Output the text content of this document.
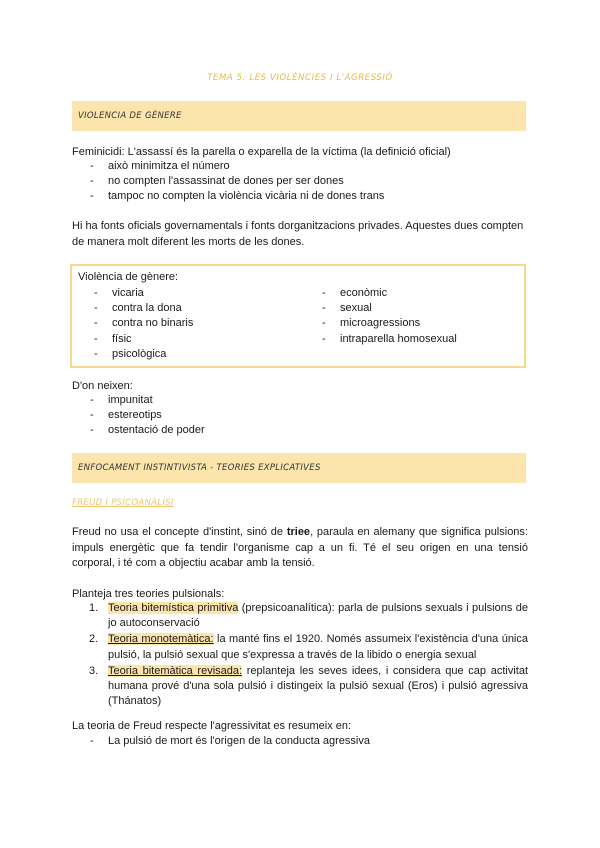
TEMA 5: LES VIOLÈNCIES I L'AGRESSIÓ
VIOLENCIA DE GÈNERE

Feminicidi: L'assassí és la parella o exparella de la víctima (la definició oficial)

- això minimitza el número
- no compten l'assassinat de dones per ser dones
- tampoc no compten la violència vicària ni de dones trans

Hi ha fonts oficials governamentals i fonts dorganitzacions privades. Aquestes dues compten de manera molt diferent les morts de les dones.

Violència de gènere:
- vicaria
- contra la dona
- contra no binaris
- físic
- psicològica
- econòmic
- sexual
- microagressions
- intraparella homosexual

D'on neixen:

- impunitat
- estereotips
- ostentació de poder
ENFOCAMENT INSTINTIVISTA - TEORIES EXPLICATIVES
FREUD I PSICOANÀLISI

Freud no usa el concepte d'instint, sinó de triee, paraula en alemany que significa pulsions: impuls energètic que fa tendir l'organisme cap a un fi. Té el seu origen en una tensió corporal, i té com a objectiu acabar amb la tensió.

Planteja tres teories pulsionals:

1. Teoria bitemística primitiva (prepsicoanalítica): parla de pulsions sexuals i pulsions de jo autoconservació
2. Teoria monotemàtica: la manté fins el 1920. Només assumeix l'existència d'una única pulsió, la pulsió sexual que s'expressa a través de la libido o energia sexual
3. Teoria bitemàtica revisada: replanteja les seves idees, i considera que cap activitat humana prové d'una sola pulsió i distingeix la pulsió sexual (Eros) i pulsió agressiva (Thánatos)

La teoria de Freud respecte l'agressivitat es resumeix en:

- La pulsió de mort és l'origen de la conducta agressiva
